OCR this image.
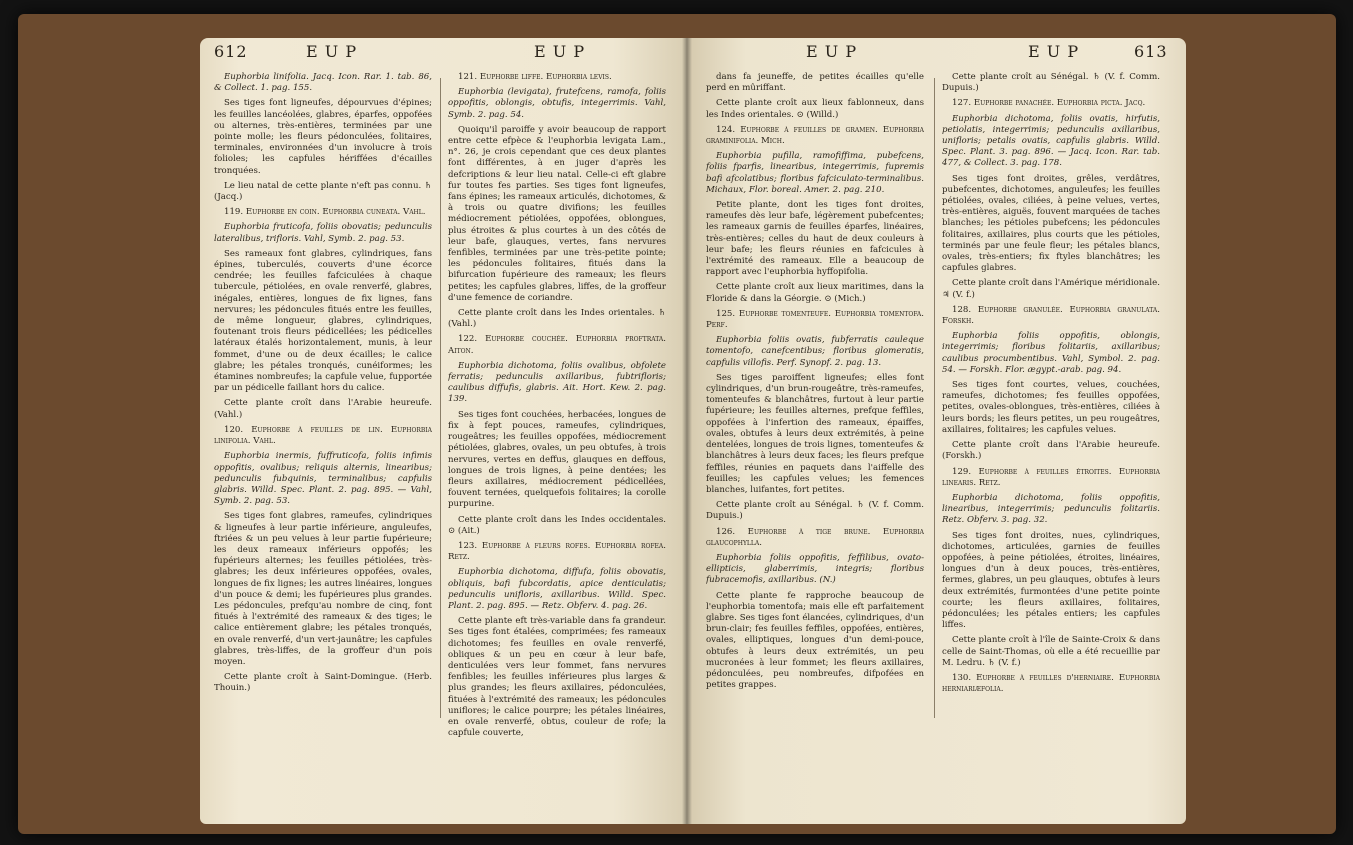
612	E U P	E U P

Euphorbia linifolia. Jacq. Icon. Rar. 1. tab. 86, & Collect. 1. pag. 155.

Ses tiges font ligneufes, dépourvues d'épines; les feuilles lancéolées, glabres, éparfes, oppofées ou alternes, très-entières, terminées par une pointe molle; les fleurs pédonculées, folitaires, terminales, environnées d'un involucre à trois folioles; les capfules hériffées d'écailles tronquées.

Le lieu natal de cette plante n'eft pas connu. ♄ (Jacq.)

119. Euphorbe en coin. Euphorbia cuneata. Vahl.

Euphorbia fruticofa, foliis obovatis; pedunculis lateralibus, trifloris. Vahl, Symb. 2. pag. 53.

Ses rameaux font glabres, cylindriques, fans épines, tuberculés, couverts d'une écorce cendrée; les feuilles fafciculées à chaque tubercule, pétiolées, en ovale renverfé, glabres, inégales, entières, longues de fix lignes, fans nervures; les pédoncules fitués entre les feuilles, de même longueur, glabres, cylindriques, foutenant trois fleurs pédicellées; les pédicelles latéraux étalés horizontalement, munis, à leur fommet, d'une ou de deux écailles; le calice glabre; les pétales tronqués, cunéiformes; les étamines nombreufes; la capfule velue, fupportée par un pédicelle faillant hors du calice.

Cette plante croît dans l'Arabie heureufe. (Vahl.)

120. Euphorbe à feuilles de lin. Euphorbia linifolia. Vahl.

Euphorbia inermis, fuffruticofa, foliis infimis oppofitis, ovalibus; reliquis alternis, linearibus; pedunculis fubquinis, terminalibus; capfulis glabris. Willd. Spec. Plant. 2. pag. 895. — Vahl, Symb. 2. pag. 53.

Ses tiges font glabres, rameufes, cylindriques & ligneufes à leur partie inférieure, anguleufes, ftriées & un peu velues à leur partie fupérieure; les deux rameaux inférieurs oppofés; les fupérieurs alternes; les feuilles pétiolées, très-glabres; les deux inférieures oppofées, ovales, longues de fix lignes; les autres linéaires, longues d'un pouce & demi; les fupérieures plus grandes. Les pédoncules, prefqu'au nombre de cinq, font fitués à l'extrémité des rameaux & des tiges; le calice entièrement glabre; les pétales tronqués, en ovale renverfé, d'un vert-jaunâtre; les capfules glabres, très-liffes, de la groffeur d'un pois moyen.

Cette plante croît à Saint-Domingue. (Herb. Thouin.)

121. Euphorbe liffe. Euphorbia levis.

Euphorbia (levigata), frutefcens, ramofa, foliis oppofitis, oblongis, obtufis, integerrimis. Vahl, Symb. 2. pag. 54.

Quoiqu'il paroiffe y avoir beaucoup de rapport entre cette efpèce & l'euphorbia levigata Lam., n°. 26, je crois cependant que ces deux plantes font différentes, à en juger d'après les defcriptions & leur lieu natal. Celle-ci eft glabre fur toutes fes parties. Ses tiges font ligneufes, fans épines; les rameaux articulés, dichotomes, & à trois ou quatre divifions; les feuilles médiocrement pétiolées, oppofées, oblongues, plus étroites & plus courtes à un des côtés de leur bafe, glauques, vertes, fans nervures fenfibles, terminées par une très-petite pointe; les pédoncules folitaires, fitués dans la bifurcation fupérieure des rameaux; les fleurs petites; les capfules glabres, liffes, de la groffeur d'une femence de coriandre.

Cette plante croît dans les Indes orientales. ♄ (Vahl.)

122. Euphorbe couchée. Euphorbia proftrata. Aiton.

Euphorbia dichotoma, foliis ovalibus, obfolete ferratis; pedunculis axillaribus, fubtrifloris; caulibus diffufis, glabris. Ait. Hort. Kew. 2. pag. 139.

Ses tiges font couchées, herbacées, longues de fix à fept pouces, rameufes, cylindriques, rougeâtres; les feuilles oppofées, médiocrement pétiolées, glabres, ovales, un peu obtufes, à trois nervures, vertes en deffus, glauques en deffous, longues de trois lignes, à peine dentées; les fleurs axillaires, médiocrement pédicellées, fouvent ternées, quelquefois folitaires; la corolle purpurine.

Cette plante croît dans les Indes occidentales. ⊙ (Ait.)

123. Euphorbe à fleurs rofes. Euphorbia rofea. Retz.

Euphorbia dichotoma, diffufa, foliis obovatis, obliquis, bafi fubcordatis, apice denticulatis; pedunculis unifloris, axillaribus. Willd. Spec. Plant. 2. pag. 895. — Retz. Obferv. 4. pag. 26.

Cette plante eft très-variable dans fa grandeur. Ses tiges font étalées, comprimées; fes rameaux dichotomes; fes feuilles en ovale renverfé, obliques & un peu en cœur à leur bafe, denticulées vers leur fommet, fans nervures fenfibles; les feuilles inférieures plus larges & plus grandes; les fleurs axillaires, pédonculées, fituées à l'extrémité des rameaux; les pédoncules uniflores; le calice pourpre; les pétales linéaires, en ovale renverfé, obtus, couleur de rofe; la capfule couverte,

E U P	E U P	613

dans fa jeuneffe, de petites écailles qu'elle perd en mûriffant.

Cette plante croît aux lieux fablonneux, dans les Indes orientales. ⊙ (Willd.)

124. Euphorbe à feuilles de gramen. Euphorbia graminifolia. Mich.

Euphorbia pufilla, ramofiffima, pubefcens, foliis fparfis, linearibus, integerrimis, fupremis bafi afcolatibus; floribus fafciculato-terminalibus. Michaux, Flor. boreal. Amer. 2. pag. 210.

Petite plante, dont les tiges font droites, rameufes dès leur bafe, légèrement pubefcentes; les rameaux garnis de feuilles éparfes, linéaires, très-entières; celles du haut de deux couleurs à leur bafe; les fleurs réunies en fafcicules à l'extrémité des rameaux. Elle a beaucoup de rapport avec l'euphorbia hyffopifolia.

Cette plante croît aux lieux maritimes, dans la Floride & dans la Géorgie. ⊙ (Mich.)

125. Euphorbe tomenteufe. Euphorbia tomentofa. Perf.

Euphorbia foliis ovatis, fubferratis cauleque tomentofo, canefcentibus; floribus glomeratis, capfulis villofis. Perf. Synopf. 2. pag. 13.

Ses tiges paroiffent ligneufes; elles font cylindriques, d'un brun-rougeâtre, très-rameufes, tomenteufes & blanchâtres, furtout à leur partie fupérieure; les feuilles alternes, prefque feffiles, oppofées à l'infertion des rameaux, épaiffes, ovales, obtufes à leurs deux extrémités, à peine dentelées, longues de trois lignes, tomenteufes & blanchâtres à leurs deux faces; les fleurs prefque feffiles, réunies en paquets dans l'aiffelle des feuilles; les capfules velues; les femences blanches, luifantes, fort petites.

Cette plante croît au Sénégal. ♄ (V. f. Comm. Dupuis.)

126. Euphorbe à tige brune. Euphorbia glaucophylla.

Euphorbia foliis oppofitis, feffilibus, ovato-ellipticis, glaberrimis, integris; floribus fubracemofis, axillaribus. (N.)

Cette plante fe rapproche beaucoup de l'euphorbia tomentofa; mais elle eft parfaitement glabre. Ses tiges font élancées, cylindriques, d'un brun-clair; fes feuilles feffiles, oppofées, entières, ovales, elliptiques, longues d'un demi-pouce, obtufes à leurs deux extrémités, un peu mucronées à leur fommet; les fleurs axillaires, pédonculées, peu nombreufes, difpofées en petites grappes.

Cette plante croît au Sénégal. ♄ (V. f. Comm. Dupuis.)

127. Euphorbe panachée. Euphorbia picta. Jacq.

Euphorbia dichotoma, foliis ovatis, hirfutis, petiolatis, integerrimis; pedunculis axillaribus, unifloris; petalis ovatis, capfulis glabris. Willd. Spec. Plant. 3. pag. 896. — Jacq. Icon. Rar. tab. 477, & Collect. 3. pag. 178.

Ses tiges font droites, grêles, verdâtres, pubefcentes, dichotomes, anguleufes; les feuilles pétiolées, ovales, ciliées, à peine velues, vertes, très-entières, aiguës, fouvent marquées de taches blanches; les pétioles pubefcens; les pédoncules folitaires, axillaires, plus courts que les pétioles, terminés par une feule fleur; les pétales blancs, ovales, très-entiers; fix ftyles blanchâtres; les capfules glabres.

Cette plante croît dans l'Amérique méridionale. ♃ (V. f.)

128. Euphorbe granulée. Euphorbia granulata. Forskh.

Euphorbia foliis oppofitis, oblongis, integerrimis; floribus folitariis, axillaribus; caulibus procumbentibus. Vahl, Symbol. 2. pag. 54. — Forskh. Flor. ægypt.-arab. pag. 94.

Ses tiges font courtes, velues, couchées, rameufes, dichotomes; fes feuilles oppofées, petites, ovales-oblongues, très-entières, ciliées à leurs bords; les fleurs petites, un peu rougeâtres, axillaires, folitaires; les capfules velues.

Cette plante croît dans l'Arabie heureufe. (Forskh.)

129. Euphorbe à feuilles étroites. Euphorbia linearis. Retz.

Euphorbia dichotoma, foliis oppofitis, linearibus, integerrimis; pedunculis folitariis. Retz. Obferv. 3. pag. 32.

Ses tiges font droites, nues, cylindriques, dichotomes, articulées, garnies de feuilles oppofées, à peine pétiolées, étroites, linéaires, longues d'un à deux pouces, très-entières, fermes, glabres, un peu glauques, obtufes à leurs deux extrémités, furmontées d'une petite pointe courte; les fleurs axillaires, folitaires, pédonculées; les pétales entiers; les capfules liffes.

Cette plante croît à l'île de Sainte-Croix & dans celle de Saint-Thomas, où elle a été recueillie par M. Ledru. ♄ (V. f.)

130. Euphorbe à feuilles d'herniaire. Euphorbia herniariæfolia.
